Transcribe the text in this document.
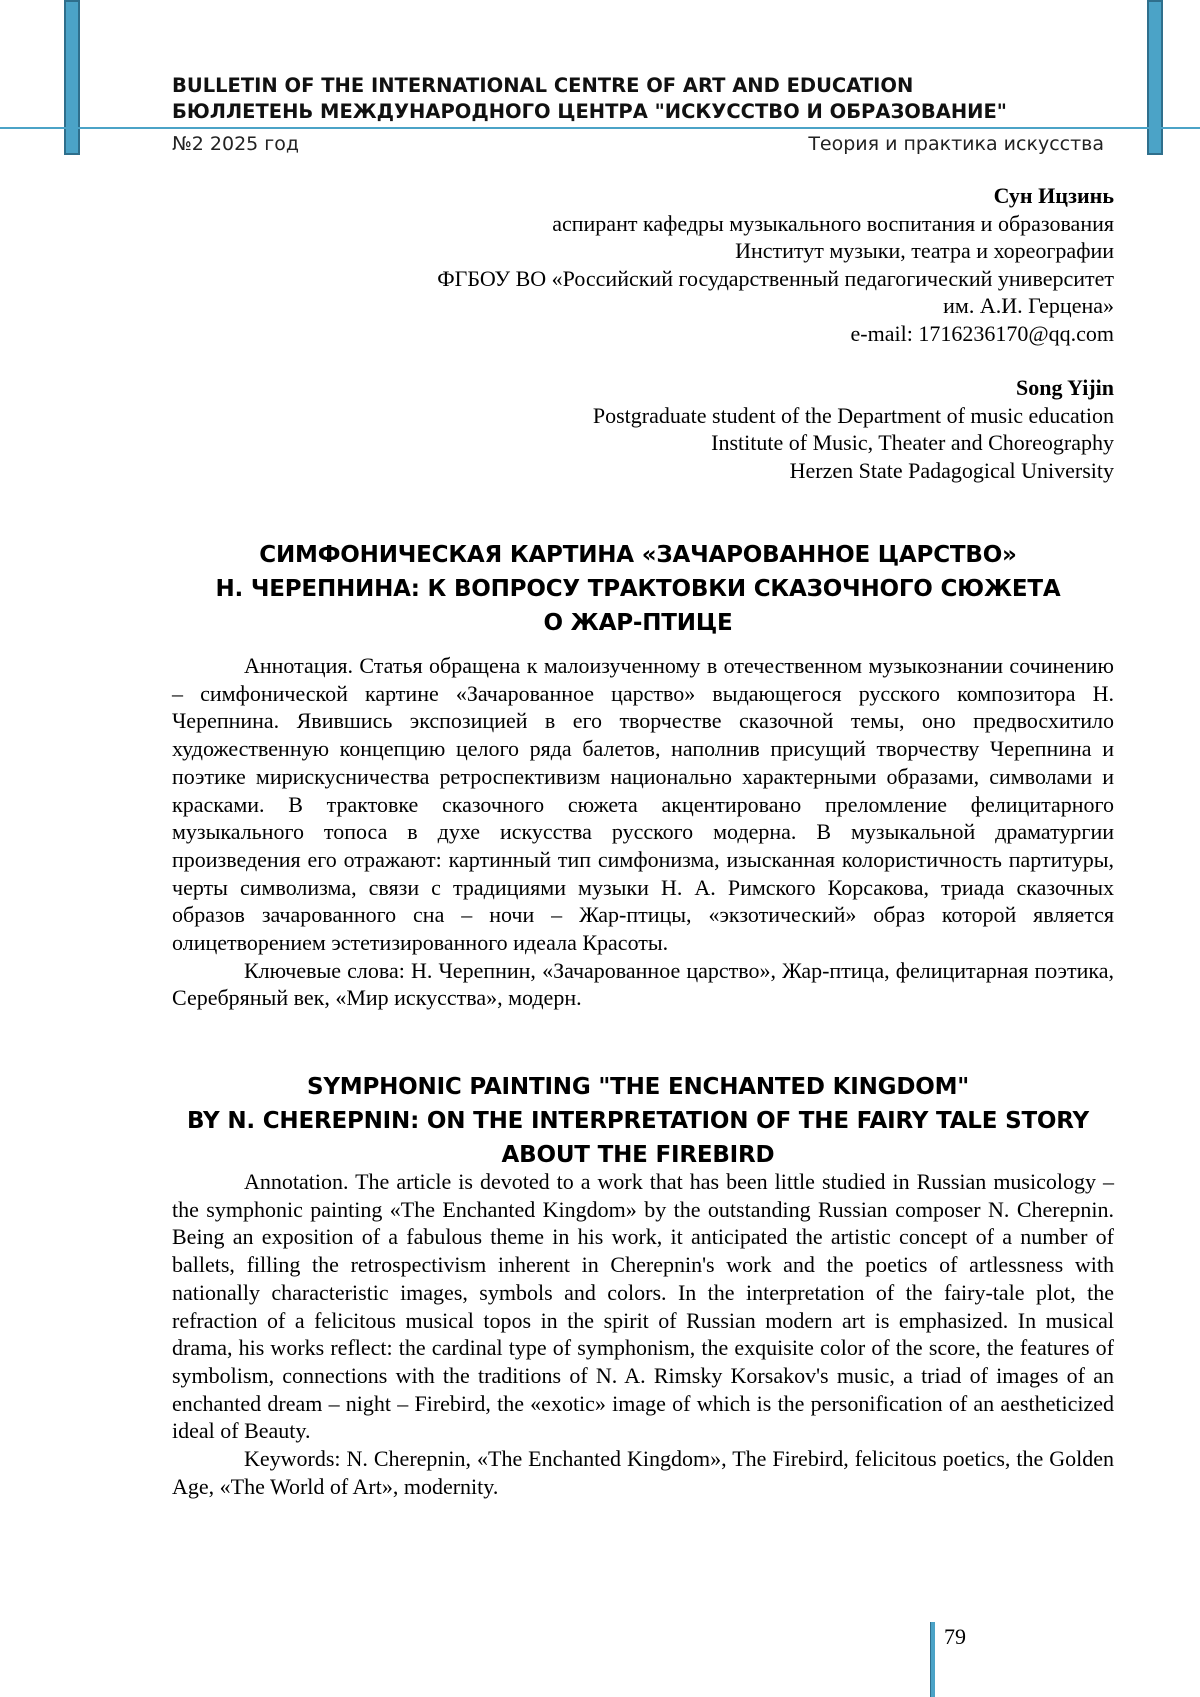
BULLETIN OF THE INTERNATIONAL CENTRE OF ART AND EDUCATION
БЮЛЛЕТЕНЬ МЕЖДУНАРОДНОГО ЦЕНТРА "ИСКУССТВО И ОБРАЗОВАНИЕ"
№2 2025 год	Теория и практика искусства
Сун Ицзинь
аспирант кафедры музыкального воспитания и образования
Институт музыки, театра и хореографии
ФГБОУ ВО «Российский государственный педагогический университет
им. А.И. Герцена»
e-mail: 1716236170@qq.com
Song Yijin
Postgraduate student of the Department of music education
Institute of Music, Theater and Choreography
Herzen State Padagogical University
СИМФОНИЧЕСКАЯ КАРТИНА «ЗАЧАРОВАННОЕ ЦАРСТВО»
Н. ЧЕРЕПНИНА: К ВОПРОСУ ТРАКТОВКИ СКАЗОЧНОГО СЮЖЕТА
О ЖАР-ПТИЦЕ

Аннотация. Статья обращена к малоизученному в отечественном музыкознании сочинению – симфонической картине «Зачарованное царство» выдающегося русского композитора Н. Черепнина. Явившись экспозицией в его творчестве сказочной темы, оно предвосхитило художественную концепцию целого ряда балетов, наполнив присущий творчеству Черепнина и поэтике мирискусничества ретроспективизм национально характерными образами, символами и красками. В трактовке сказочного сюжета акцентировано преломление фелицитарного музыкального топоса в духе искусства русского модерна. В музыкальной драматургии произведения его отражают: картинный тип симфонизма, изысканная колористичность партитуры, черты символизма, связи с традициями музыки Н. А. Римского Корсакова, триада сказочных образов зачарованного сна – ночи – Жар-птицы, «экзотический» образ которой является олицетворением эстетизированного идеала Красоты.

Ключевые слова: Н. Черепнин, «Зачарованное царство», Жар-птица, фелицитарная поэтика, Серебряный век, «Мир искусства», модерн.

SYMPHONIC PAINTING "THE ENCHANTED KINGDOM"
BY N. CHEREPNIN: ON THE INTERPRETATION OF THE FAIRY TALE STORY
ABOUT THE FIREBIRD

Annotation. The article is devoted to a work that has been little studied in Russian musicology – the symphonic painting «The Enchanted Kingdom» by the outstanding Russian composer N. Cherepnin. Being an exposition of a fabulous theme in his work, it anticipated the artistic concept of a number of ballets, filling the retrospectivism inherent in Cherepnin's work and the poetics of artlessness with nationally characteristic images, symbols and colors. In the interpretation of the fairy-tale plot, the refraction of a felicitous musical topos in the spirit of Russian modern art is emphasized. In musical drama, his works reflect: the cardinal type of symphonism, the exquisite color of the score, the features of symbolism, connections with the traditions of N. A. Rimsky Korsakov's music, a triad of images of an enchanted dream – night – Firebird, the «exotic» image of which is the personification of an aestheticized ideal of Beauty.

Keywords: N. Cherepnin, «The Enchanted Kingdom», The Firebird, felicitous poetics, the Golden Age, «The World of Art», modernity.

79
